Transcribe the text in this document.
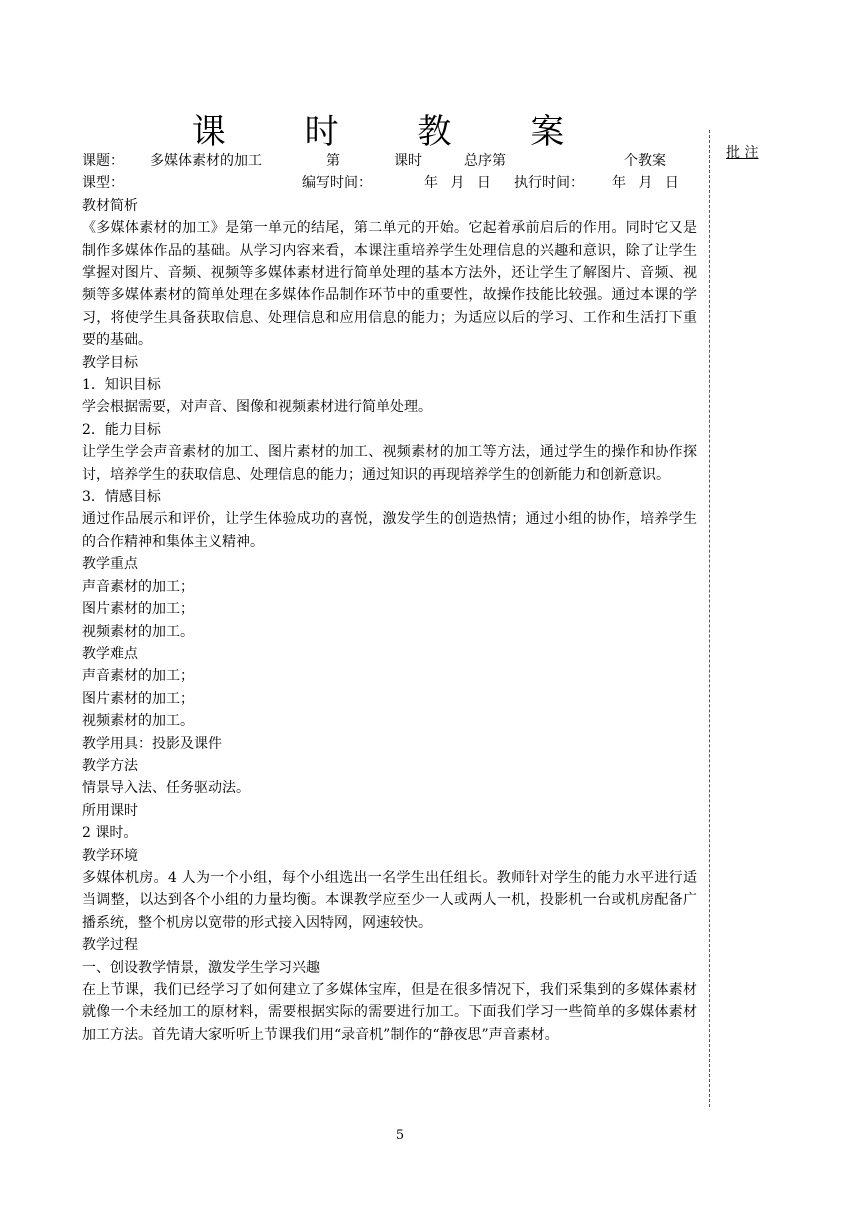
课 时 教 案
批 注
课题：	多媒体素材的加工	第	课时	总序第	个教案
课型：	编写时间：	年 月 日	执行时间：	年 月 日
教材简析
《多媒体素材的加工》是第一单元的结尾，第二单元的开始。它起着承前启后的作用。同时它又是制作多媒体作品的基础。从学习内容来看，本课注重培养学生处理信息的兴趣和意识，除了让学生掌握对图片、音频、视频等多媒体素材进行简单处理的基本方法外，还让学生了解图片、音频、视频等多媒体素材的简单处理在多媒体作品制作环节中的重要性，故操作技能比较强。通过本课的学习，将使学生具备获取信息、处理信息和应用信息的能力；为适应以后的学习、工作和生活打下重要的基础。
教学目标
1．知识目标
学会根据需要，对声音、图像和视频素材进行简单处理。
2．能力目标
让学生学会声音素材的加工、图片素材的加工、视频素材的加工等方法，通过学生的操作和协作探讨，培养学生的获取信息、处理信息的能力；通过知识的再现培养学生的创新能力和创新意识。
3．情感目标
通过作品展示和评价，让学生体验成功的喜悦，激发学生的创造热情；通过小组的协作，培养学生的合作精神和集体主义精神。
教学重点
声音素材的加工；
图片素材的加工；
视频素材的加工。
教学难点
声音素材的加工；
图片素材的加工；
视频素材的加工。
教学用具：投影及课件
教学方法
情景导入法、任务驱动法。
所用课时
2 课时。
教学环境
多媒体机房。4 人为一个小组，每个小组选出一名学生出任组长。教师针对学生的能力水平进行适当调整，以达到各个小组的力量均衡。本课教学应至少一人或两人一机，投影机一台或机房配备广播系统，整个机房以宽带的形式接入因特网，网速较快。
教学过程
一、创设教学情景，激发学生学习兴趣
在上节课，我们已经学习了如何建立了多媒体宝库，但是在很多情况下，我们采集到的多媒体素材就像一个未经加工的原材料，需要根据实际的需要进行加工。下面我们学习一些简单的多媒体素材加工方法。首先请大家听听上节课我们用“录音机”制作的“静夜思”声音素材。
5
